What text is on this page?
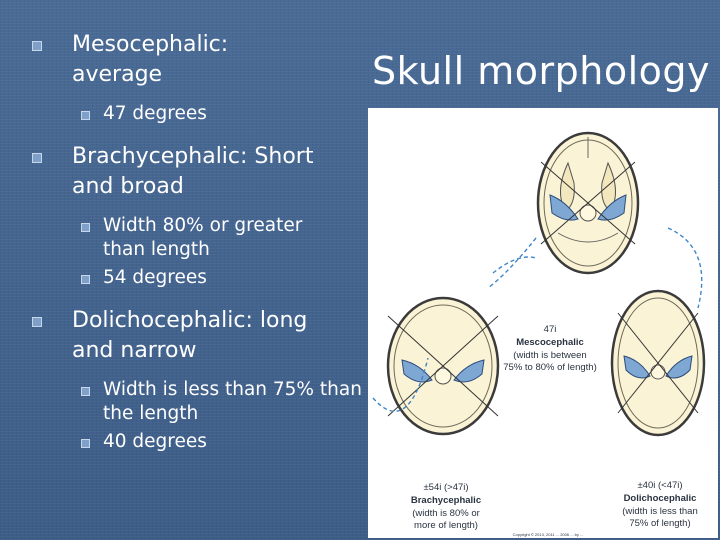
Skull morphology
Mesocephalic: average
47 degrees
Brachycephalic: Short and broad
Width 80% or greater than length
54 degrees
Dolichocephalic: long and narrow
Width is less than 75% than the length
40 degrees
47i
Mescocephalic
(width is between
75% to 80% of length)
±54i (>47i)
Brachycephalic
(width is 80% or
more of length)
±40i (<47i)
Dolichocephalic
(width is less than
75% of length)
Copyright © 2013, 2011 ... 2006 ... by ...
